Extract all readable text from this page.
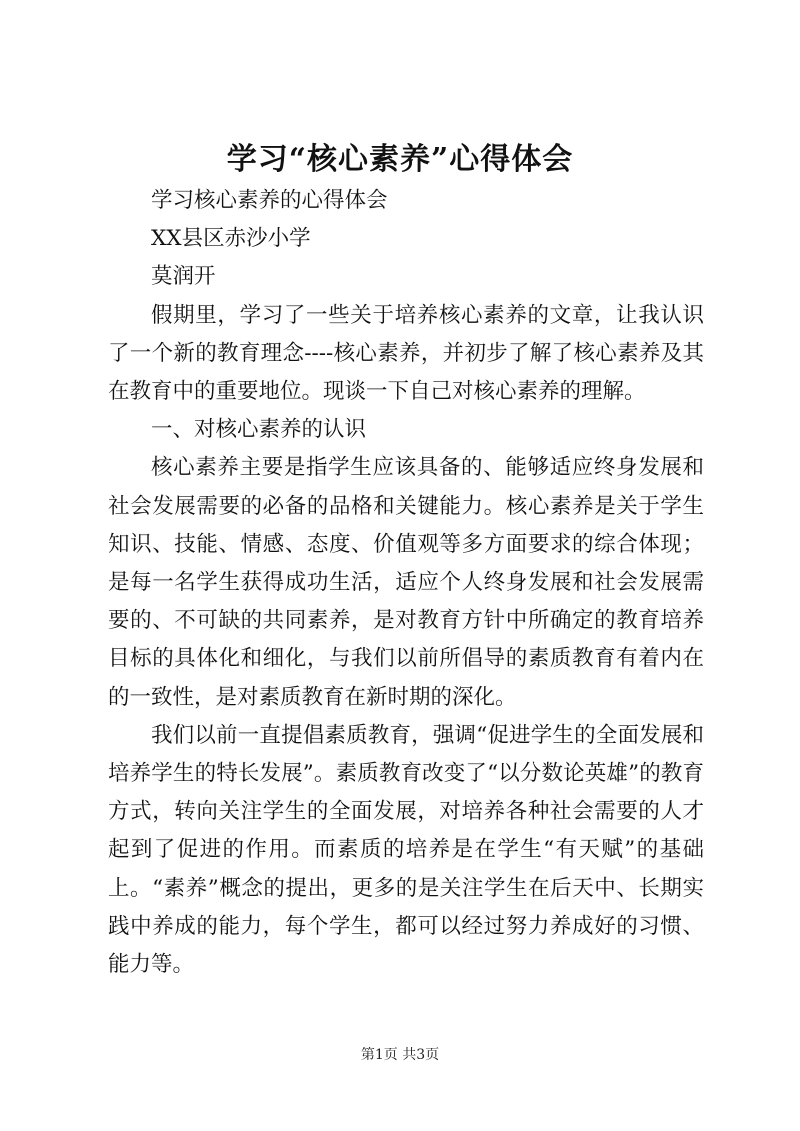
学习“核心素养”心得体会

学习核心素养的心得体会

XX县区赤沙小学

莫润开

假期里，学习了一些关于培养核心素养的文章，让我认识了一个新的教育理念----核心素养，并初步了解了核心素养及其在教育中的重要地位。现谈一下自己对核心素养的理解。

一、对核心素养的认识

核心素养主要是指学生应该具备的、能够适应终身发展和社会发展需要的必备的品格和关键能力。核心素养是关于学生知识、技能、情感、态度、价值观等多方面要求的综合体现；是每一名学生获得成功生活，适应个人终身发展和社会发展需要的、不可缺的共同素养，是对教育方针中所确定的教育培养目标的具体化和细化，与我们以前所倡导的素质教育有着内在的一致性，是对素质教育在新时期的深化。

我们以前一直提倡素质教育，强调“促进学生的全面发展和培养学生的特长发展”。素质教育改变了“以分数论英雄”的教育方式，转向关注学生的全面发展，对培养各种社会需要的人才起到了促进的作用。而素质的培养是在学生“有天赋”的基础上。“素养”概念的提出，更多的是关注学生在后天中、长期实践中养成的能力，每个学生，都可以经过努力养成好的习惯、能力等。

第1页 共3页
